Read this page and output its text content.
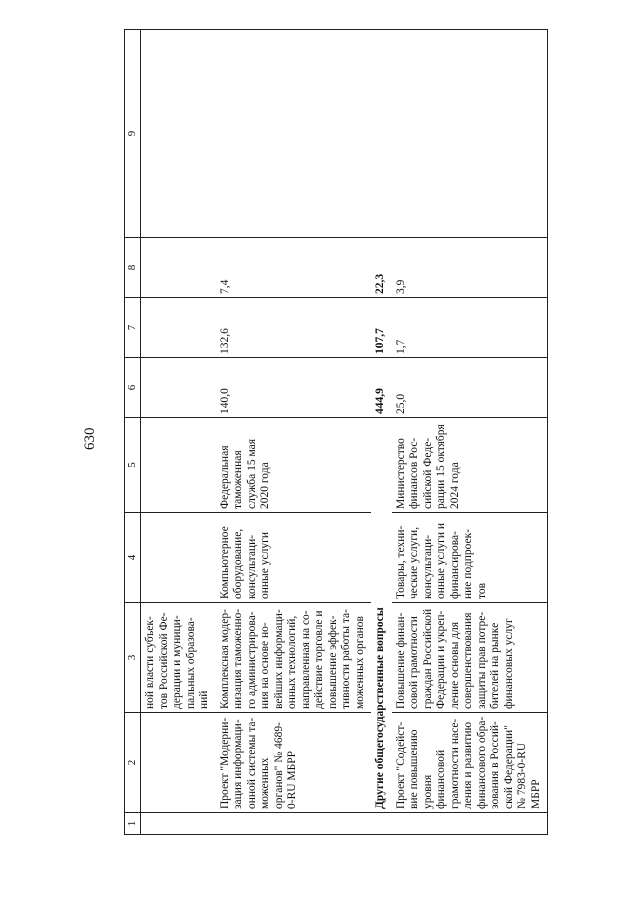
630
1	2	3	4	5	6	7	8	9
		ной власти субъек-тов Российской Фе-дерации и муници-пальных образова-ний						
	Проект "Модерни-зация информаци-онной системы та-моженных органов" № 4689-0-RU МБРР	Комплексная модер-низация таможенно-го администрирова-ния на основе но-вейших информаци-онных технологий, направленная на со-действие торговле и повышение эффек-тивности работы та-моженных органов	Компьютерное оборудование, консультаци-онные услуги	Федеральная таможенная служба 15 мая 2020 года	140,0	132,6	7,4	
	Другие общегосударственные вопросы				444,9	107,7	22,3	
	Проект "Содейст-вие повышению уровня финансовой грамотности насе-ления и развитию финансового обра-зования в Россий-ской Федерации" № 7983-0-RU МБРР	Повышение финан-совой грамотности граждан Российской Федерации и укреп-ление основы для совершенствования защиты прав потре-бителей на рынке финансовых услуг	Товары, техни-ческие услуги, консультаци-онные услуги и финансирова-ние подпроек-тов	Министерство финансов Рос-сийской Феде-рации 15 октября 2024 года	25,0	1,7	3,9	
